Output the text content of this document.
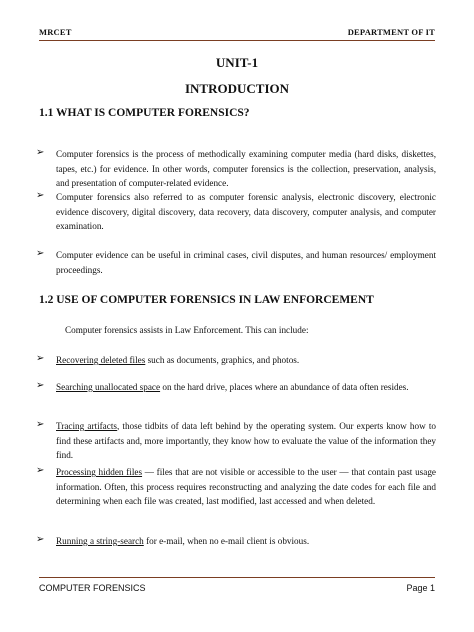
MRCET	DEPARTMENT OF IT
UNIT-1
INTRODUCTION
1.1 WHAT IS COMPUTER FORENSICS?
➢ Computer forensics is the process of methodically examining computer media (hard disks, diskettes, tapes, etc.) for evidence. In other words, computer forensics is the collection, preservation, analysis, and presentation of computer-related evidence.
➢ Computer forensics also referred to as computer forensic analysis, electronic discovery, electronic evidence discovery, digital discovery, data recovery, data discovery, computer analysis, and computer examination.
➢ Computer evidence can be useful in criminal cases, civil disputes, and human resources/ employment proceedings.
1.2 USE OF COMPUTER FORENSICS IN LAW ENFORCEMENT
Computer forensics assists in Law Enforcement. This can include:
➢ Recovering deleted files such as documents, graphics, and photos.
➢ Searching unallocated space on the hard drive, places where an abundance of data often resides.
➢ Tracing artifacts, those tidbits of data left behind by the operating system. Our experts know how to find these artifacts and, more importantly, they know how to evaluate the value of the information they find.
➢ Processing hidden files — files that are not visible or accessible to the user — that contain past usage information. Often, this process requires reconstructing and analyzing the date codes for each file and determining when each file was created, last modified, last accessed and when deleted.
➢ Running a string-search for e-mail, when no e-mail client is obvious.
COMPUTER FORENSICS	Page 1
